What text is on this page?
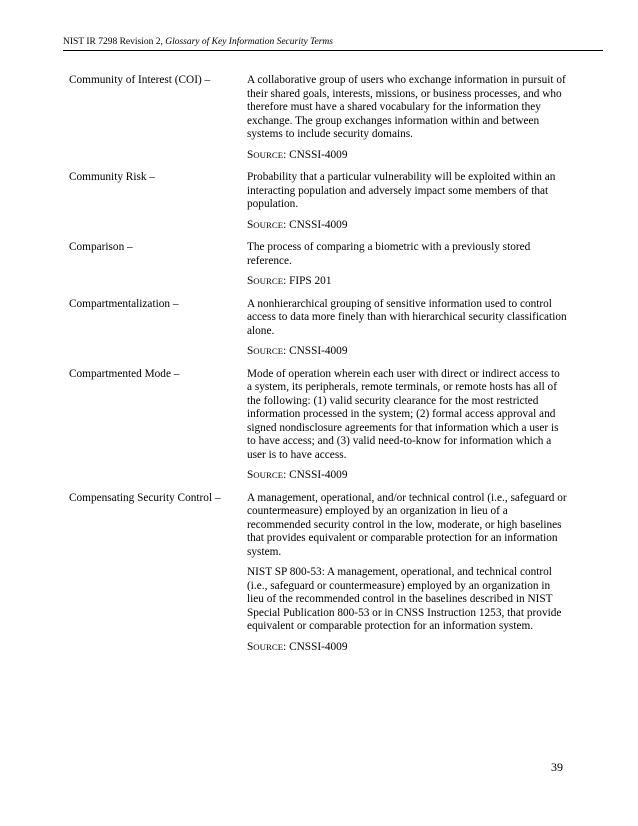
NIST IR 7298 Revision 2, Glossary of Key Information Security Terms
Community of Interest (COI) –	A collaborative group of users who exchange information in pursuit of their shared goals, interests, missions, or business processes, and who therefore must have a shared vocabulary for the information they exchange. The group exchanges information within and between systems to include security domains.

SOURCE: CNSSI-4009

Community Risk –	Probability that a particular vulnerability will be exploited within an interacting population and adversely impact some members of that population.

SOURCE: CNSSI-4009

Comparison –	The process of comparing a biometric with a previously stored reference.

SOURCE: FIPS 201

Compartmentalization –	A nonhierarchical grouping of sensitive information used to control access to data more finely than with hierarchical security classification alone.

SOURCE: CNSSI-4009

Compartmented Mode –	Mode of operation wherein each user with direct or indirect access to a system, its peripherals, remote terminals, or remote hosts has all of the following: (1) valid security clearance for the most restricted information processed in the system; (2) formal access approval and signed nondisclosure agreements for that information which a user is to have access; and (3) valid need-to-know for information which a user is to have access.

SOURCE: CNSSI-4009

Compensating Security Control –	A management, operational, and/or technical control (i.e., safeguard or countermeasure) employed by an organization in lieu of a recommended security control in the low, moderate, or high baselines that provides equivalent or comparable protection for an information system.

NIST SP 800-53: A management, operational, and technical control (i.e., safeguard or countermeasure) employed by an organization in lieu of the recommended control in the baselines described in NIST Special Publication 800-53 or in CNSS Instruction 1253, that provide equivalent or comparable protection for an information system.

SOURCE: CNSSI-4009

39
